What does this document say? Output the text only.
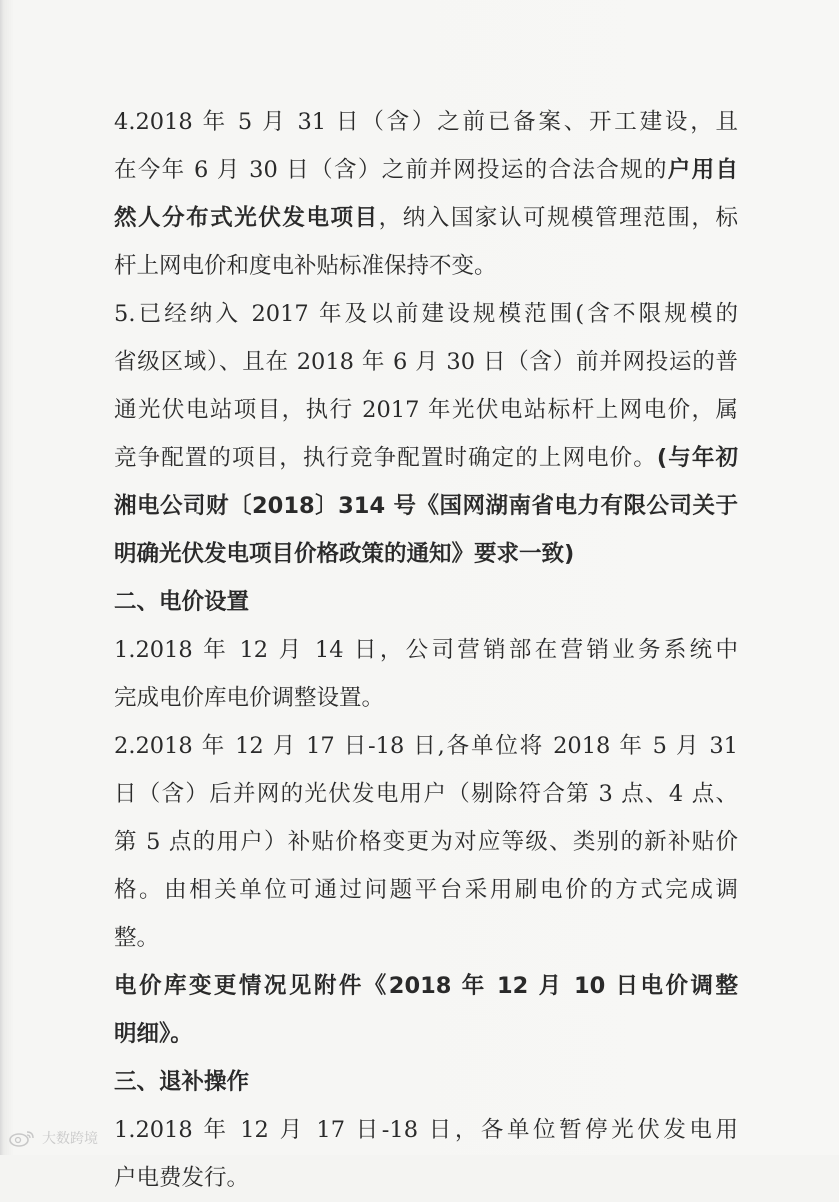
4.2018 年 5 月 31 日（含）之前已备案、开工建设，且
在今年 6 月 30 日（含）之前并网投运的合法合规的户用自
然人分布式光伏发电项目，纳入国家认可规模管理范围，标
杆上网电价和度电补贴标准保持不变。
5.已经纳入 2017 年及以前建设规模范围(含不限规模的
省级区域）、且在 2018 年 6 月 30 日（含）前并网投运的普
通光伏电站项目，执行 2017 年光伏电站标杆上网电价，属
竞争配置的项目，执行竞争配置时确定的上网电价。(与年初
湘电公司财〔2018〕314 号《国网湖南省电力有限公司关于
明确光伏发电项目价格政策的通知》要求一致)
二、电价设置
1.2018 年 12 月 14 日，公司营销部在营销业务系统中
完成电价库电价调整设置。
2.2018 年 12 月 17 日-18 日,各单位将 2018 年 5 月 31
日（含）后并网的光伏发电用户（剔除符合第 3 点、4 点、
第 5 点的用户）补贴价格变更为对应等级、类别的新补贴价
格。由相关单位可通过问题平台采用刷电价的方式完成调
整。
电价库变更情况见附件《2018 年 12 月 10 日电价调整
明细》。
三、退补操作
1.2018 年 12 月 17 日-18 日，各单位暂停光伏发电用
户电费发行。
大数跨境
